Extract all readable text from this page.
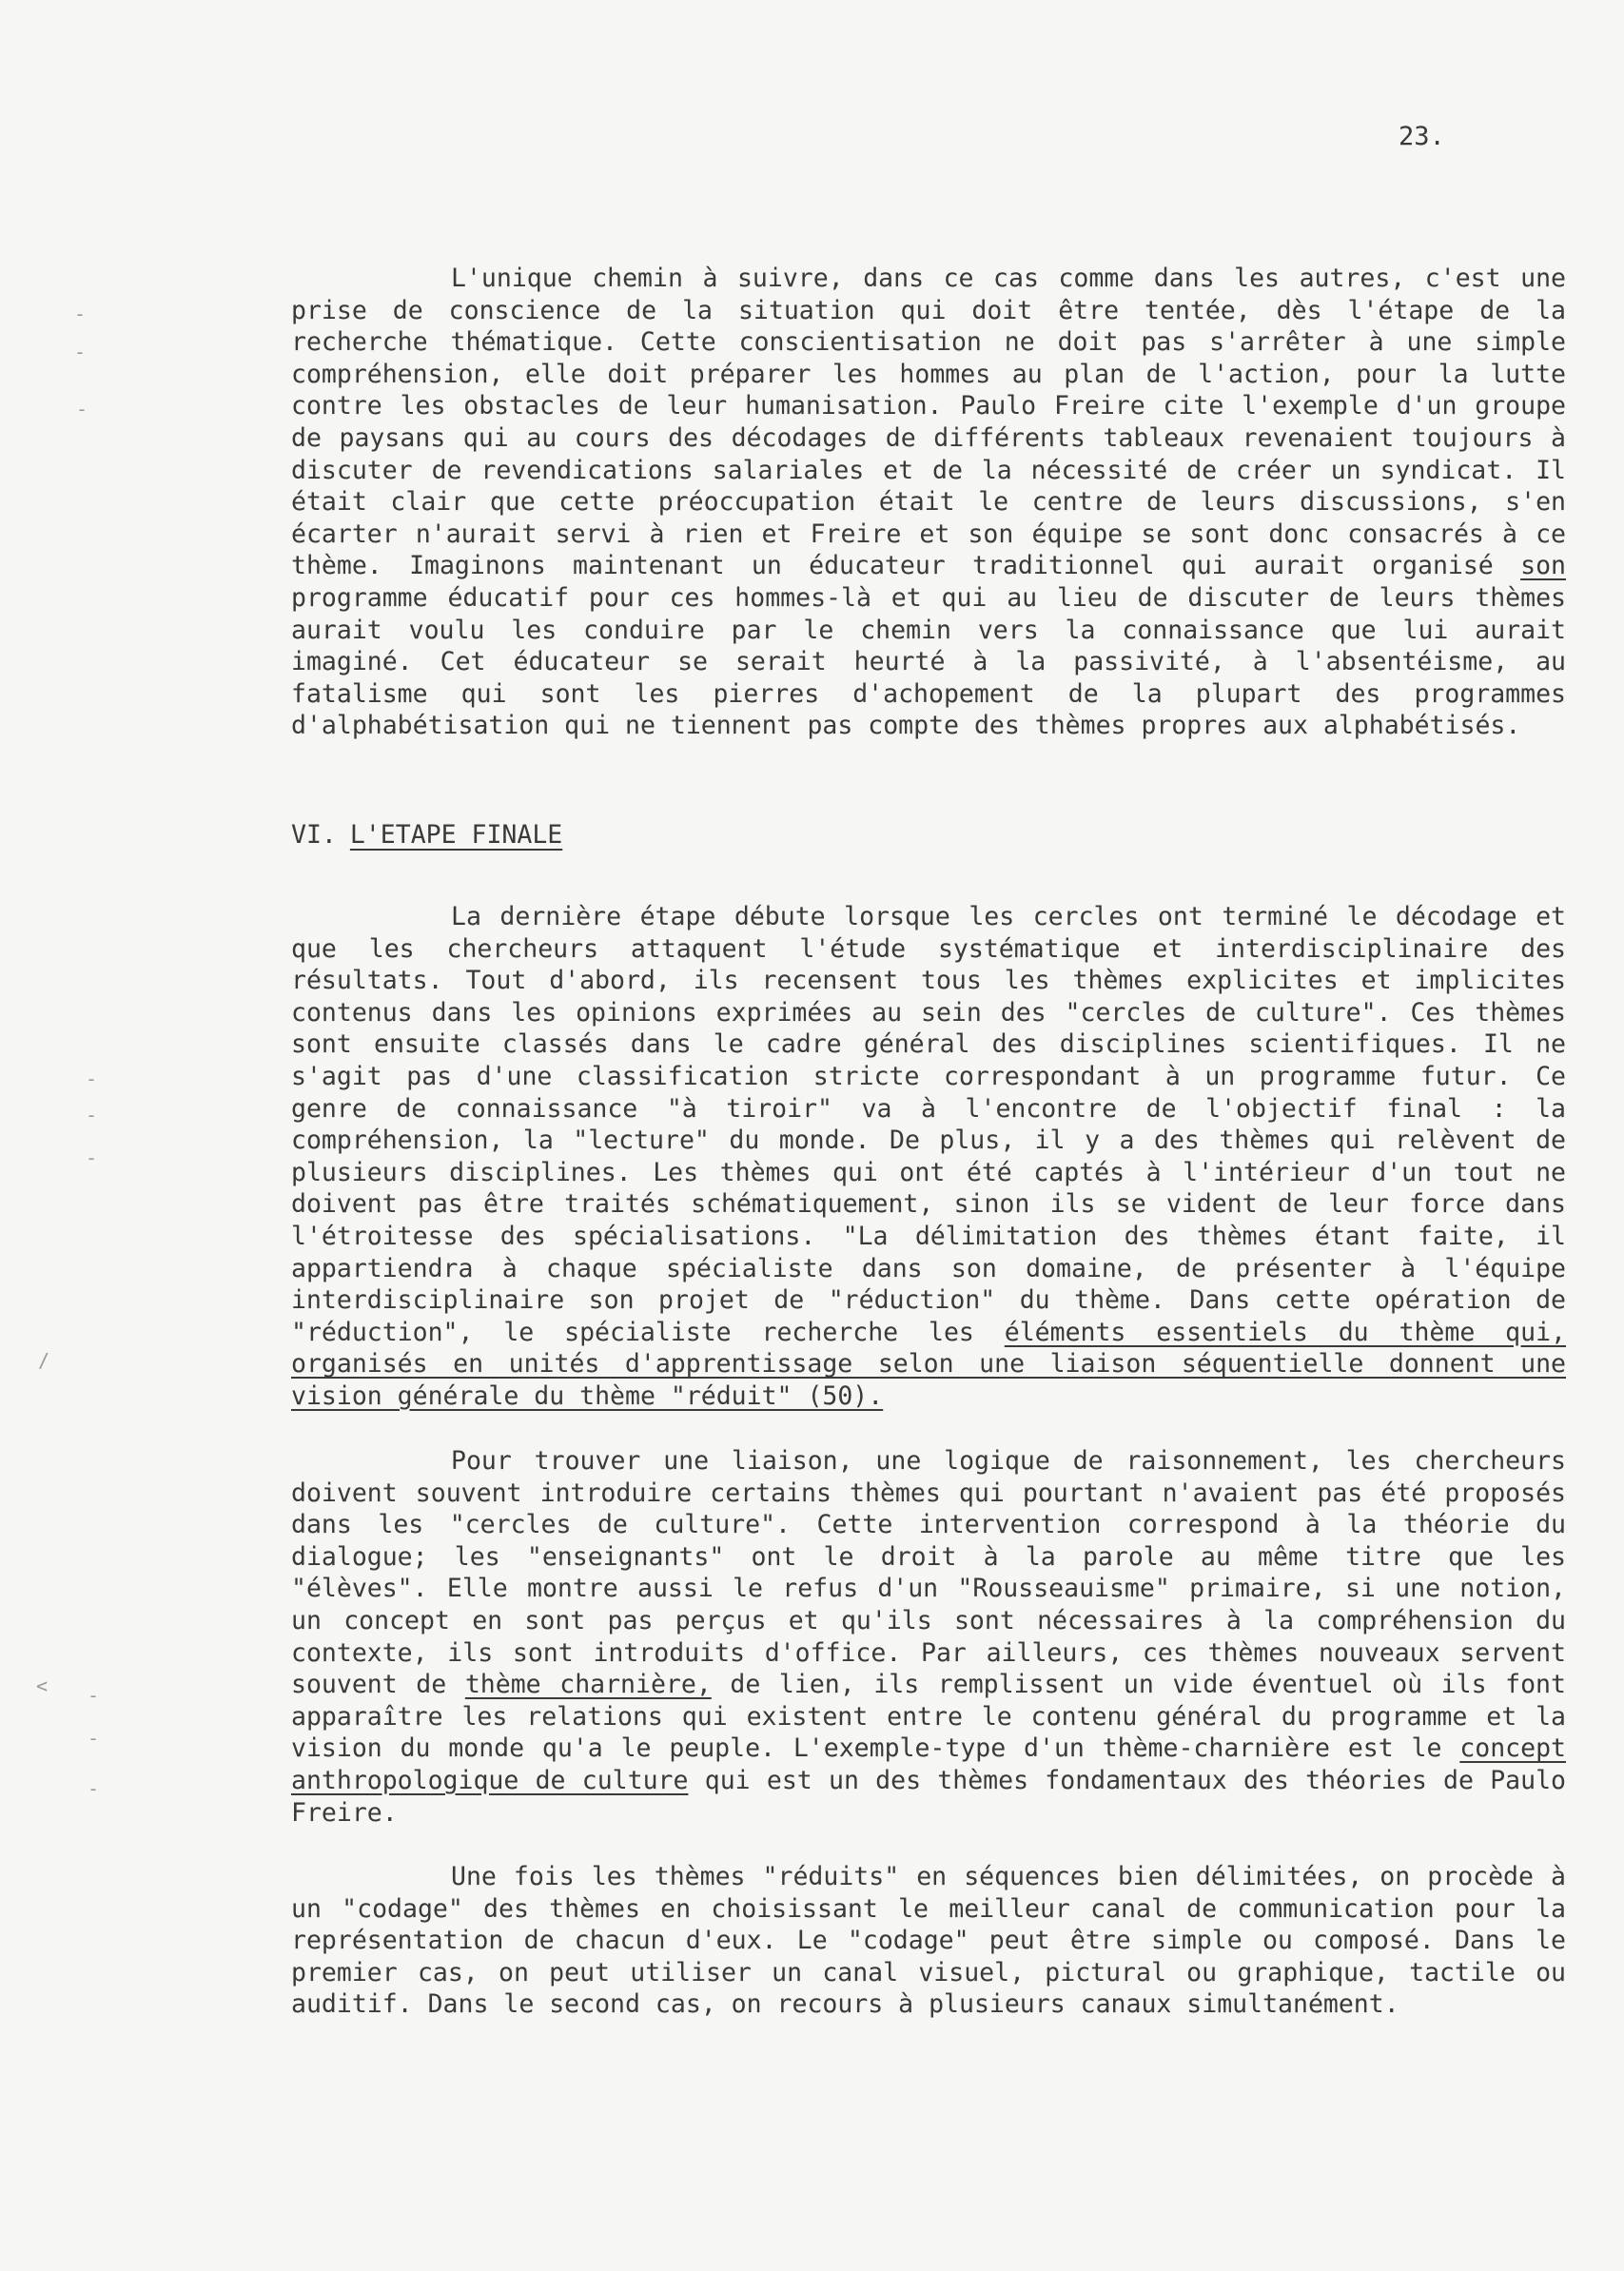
23.
-
-
-
-
-
-
/
< -
-
-

L'unique chemin à suivre, dans ce cas comme dans les autres, c'est une prise de conscience de la situation qui doit être tentée, dès l'étape de la recherche thématique. Cette conscientisation ne doit pas s'arrêter à une simple compréhension, elle doit préparer les hommes au plan de l'action, pour la lutte contre les obstacles de leur humanisation. Paulo Freire cite l'exemple d'un groupe de paysans qui au cours des décodages de différents tableaux revenaient toujours à discuter de revendications salariales et de la nécessité de créer un syndicat. Il était clair que cette préoccupation était le centre de leurs discussions, s'en écarter n'aurait servi à rien et Freire et son équipe se sont donc consacrés à ce thème. Imaginons maintenant un éducateur traditionnel qui aurait organisé son programme éducatif pour ces hommes-là et qui au lieu de discuter de leurs thèmes aurait voulu les conduire par le chemin vers la connaissance que lui aurait imaginé. Cet éducateur se serait heurté à la passivité, à l'absentéisme, au fatalisme qui sont les pierres d'achopement de la plupart des programmes d'alphabétisation qui ne tiennent pas compte des thèmes propres aux alphabétisés.

VI. L'ETAPE FINALE

La dernière étape débute lorsque les cercles ont terminé le décodage et que les chercheurs attaquent l'étude systématique et interdisciplinaire des résultats. Tout d'abord, ils recensent tous les thèmes explicites et implicites contenus dans les opinions exprimées au sein des "cercles de culture". Ces thèmes sont ensuite classés dans le cadre général des disciplines scientifiques. Il ne s'agit pas d'une classification stricte correspondant à un programme futur. Ce genre de connaissance "à tiroir" va à l'encontre de l'objectif final : la compréhension, la "lecture" du monde. De plus, il y a des thèmes qui relèvent de plusieurs disciplines. Les thèmes qui ont été captés à l'intérieur d'un tout ne doivent pas être traités schématiquement, sinon ils se vident de leur force dans l'étroitesse des spécialisations. "La délimitation des thèmes étant faite, il appartiendra à chaque spécialiste dans son domaine, de présenter à l'équipe interdisciplinaire son projet de "réduction" du thème. Dans cette opération de "réduction", le spécialiste recherche les éléments essentiels du thème qui, organisés en unités d'apprentissage selon une liaison séquentielle donnent une vision générale du thème "réduit" (50).

Pour trouver une liaison, une logique de raisonnement, les chercheurs doivent souvent introduire certains thèmes qui pourtant n'avaient pas été proposés dans les "cercles de culture". Cette intervention correspond à la théorie du dialogue; les "enseignants" ont le droit à la parole au même titre que les "élèves". Elle montre aussi le refus d'un "Rousseauisme" primaire, si une notion, un concept en sont pas perçus et qu'ils sont nécessaires à la compréhension du contexte, ils sont introduits d'office. Par ailleurs, ces thèmes nouveaux servent souvent de thème charnière, de lien, ils remplissent un vide éventuel où ils font apparaître les relations qui existent entre le contenu général du programme et la vision du monde qu'a le peuple. L'exemple-type d'un thème-charnière est le concept anthropologique de culture qui est un des thèmes fondamentaux des théories de Paulo Freire.

Une fois les thèmes "réduits" en séquences bien délimitées, on procède à un "codage" des thèmes en choisissant le meilleur canal de communication pour la représentation de chacun d'eux. Le "codage" peut être simple ou composé. Dans le premier cas, on peut utiliser un canal visuel, pictural ou graphique, tactile ou auditif. Dans le second cas, on recours à plusieurs canaux simultanément.
